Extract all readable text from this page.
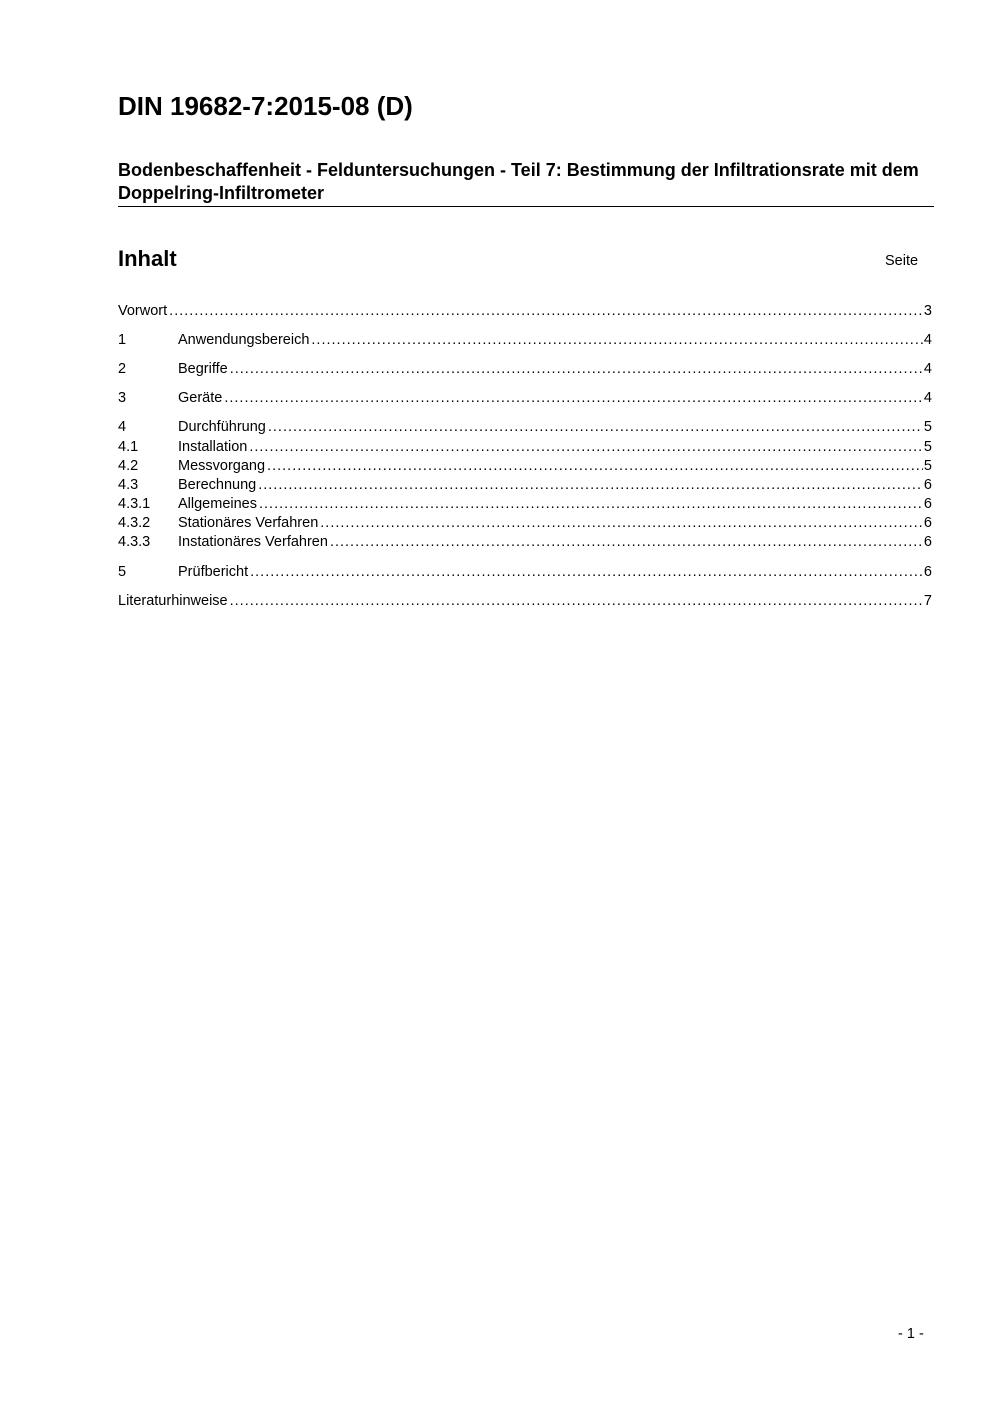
DIN 19682-7:2015-08 (D)
Bodenbeschaffenheit - Felduntersuchungen - Teil 7: Bestimmung der Infiltrationsrate mit dem Doppelring-Infiltrometer
Inhalt	Seite
Vorwort .....	3
1	Anwendungsbereich .....	4
2	Begriffe .....	4
3	Geräte .....	4
4	Durchführung .....	5
4.1	Installation .....	5
4.2	Messvorgang .....	5
4.3	Berechnung .....	6
4.3.1	Allgemeines .....	6
4.3.2	Stationäres Verfahren .....	6
4.3.3	Instationäres Verfahren .....	6
5	Prüfbericht .....	6
Literaturhinweise .....	7
- 1 -
